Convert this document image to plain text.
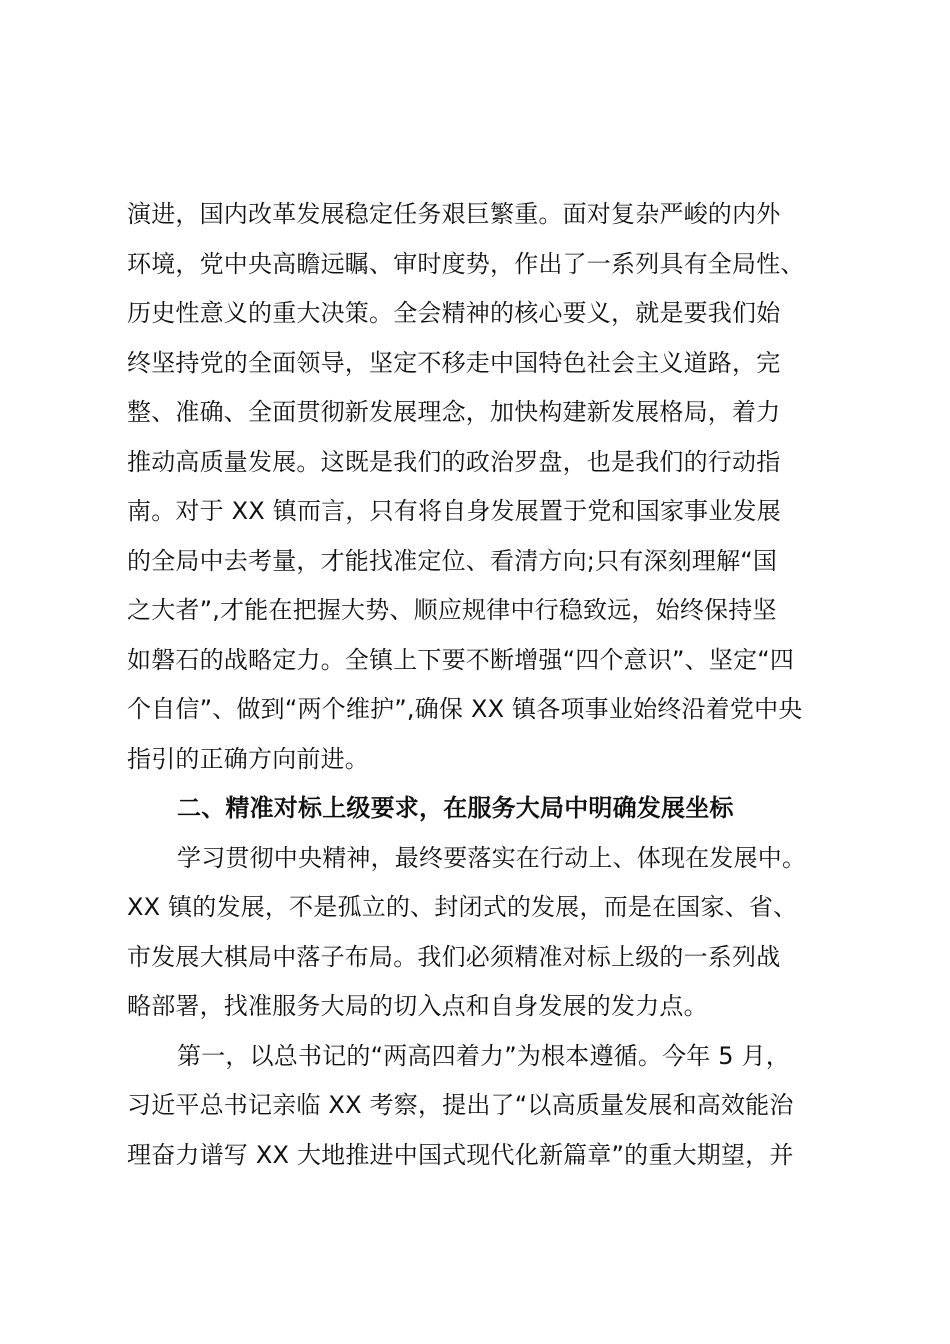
演进，国内改革发展稳定任务艰巨繁重。面对复杂严峻的内外
环境，党中央高瞻远瞩、审时度势，作出了一系列具有全局性、
历史性意义的重大决策。全会精神的核心要义，就是要我们始
终坚持党的全面领导，坚定不移走中国特色社会主义道路，完
整、准确、全面贯彻新发展理念，加快构建新发展格局，着力
推动高质量发展。这既是我们的政治罗盘，也是我们的行动指
南。对于 XX 镇而言，只有将自身发展置于党和国家事业发展
的全局中去考量，才能找准定位、看清方向;只有深刻理解“国
之大者”,才能在把握大势、顺应规律中行稳致远，始终保持坚
如磐石的战略定力。全镇上下要不断增强“四个意识”、坚定“四
个自信”、做到“两个维护”,确保 XX 镇各项事业始终沿着党中央
指引的正确方向前进。
二、精准对标上级要求，在服务大局中明确发展坐标
学习贯彻中央精神，最终要落实在行动上、体现在发展中。
XX 镇的发展，不是孤立的、封闭式的发展，而是在国家、省、
市发展大棋局中落子布局。我们必须精准对标上级的一系列战
略部署，找准服务大局的切入点和自身发展的发力点。
第一，以总书记的“两高四着力”为根本遵循。今年 5 月，
习近平总书记亲临 XX 考察，提出了“以高质量发展和高效能治
理奋力谱写 XX 大地推进中国式现代化新篇章”的重大期望，并
